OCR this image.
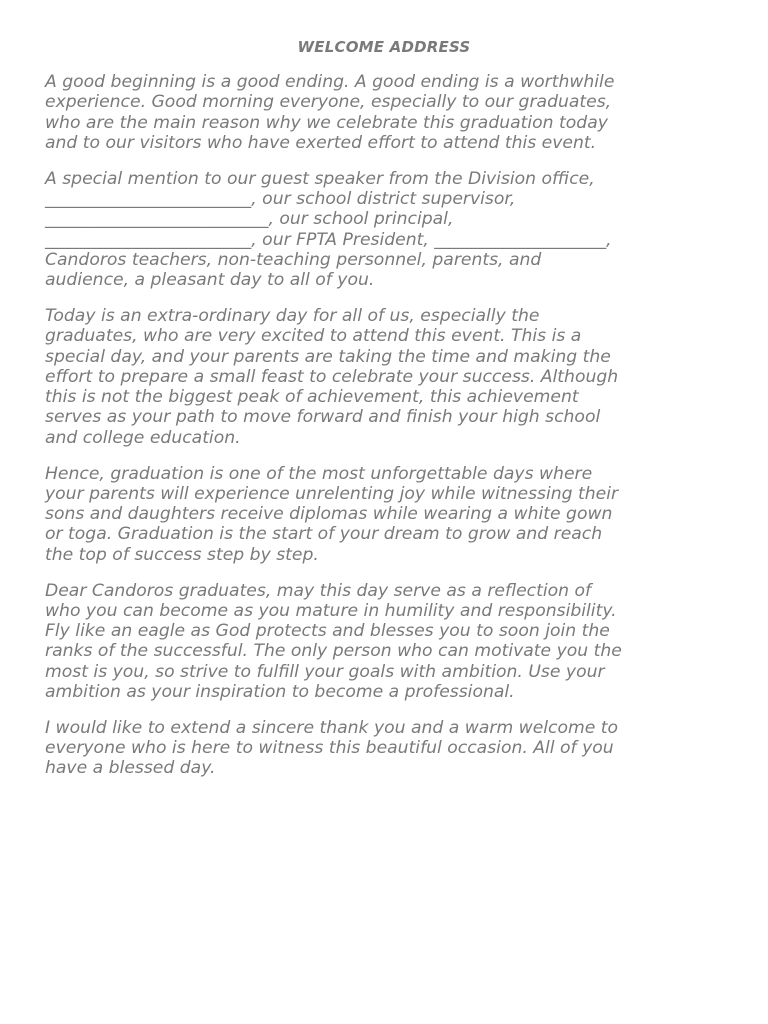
WELCOME ADDRESS

A good beginning is a good ending. A good ending is a worthwhile
experience. Good morning everyone, especially to our graduates,
who are the main reason why we celebrate this graduation today
and to our visitors who have exerted effort to attend this event.

A special mention to our guest speaker from the Division office,
________________________, our school district supervisor,
__________________________, our school principal,
________________________, our FPTA President, ____________________,
Candoros teachers, non-teaching personnel, parents, and
audience, a pleasant day to all of you.

Today is an extra-ordinary day for all of us, especially the
graduates, who are very excited to attend this event. This is a
special day, and your parents are taking the time and making the
effort to prepare a small feast to celebrate your success. Although
this is not the biggest peak of achievement, this achievement
serves as your path to move forward and finish your high school
and college education.

Hence, graduation is one of the most unforgettable days where
your parents will experience unrelenting joy while witnessing their
sons and daughters receive diplomas while wearing a white gown
or toga. Graduation is the start of your dream to grow and reach
the top of success step by step.

Dear Candoros graduates, may this day serve as a reflection of
who you can become as you mature in humility and responsibility.
Fly like an eagle as God protects and blesses you to soon join the
ranks of the successful. The only person who can motivate you the
most is you, so strive to fulfill your goals with ambition. Use your
ambition as your inspiration to become a professional.

I would like to extend a sincere thank you and a warm welcome to
everyone who is here to witness this beautiful occasion. All of you
have a blessed day.
